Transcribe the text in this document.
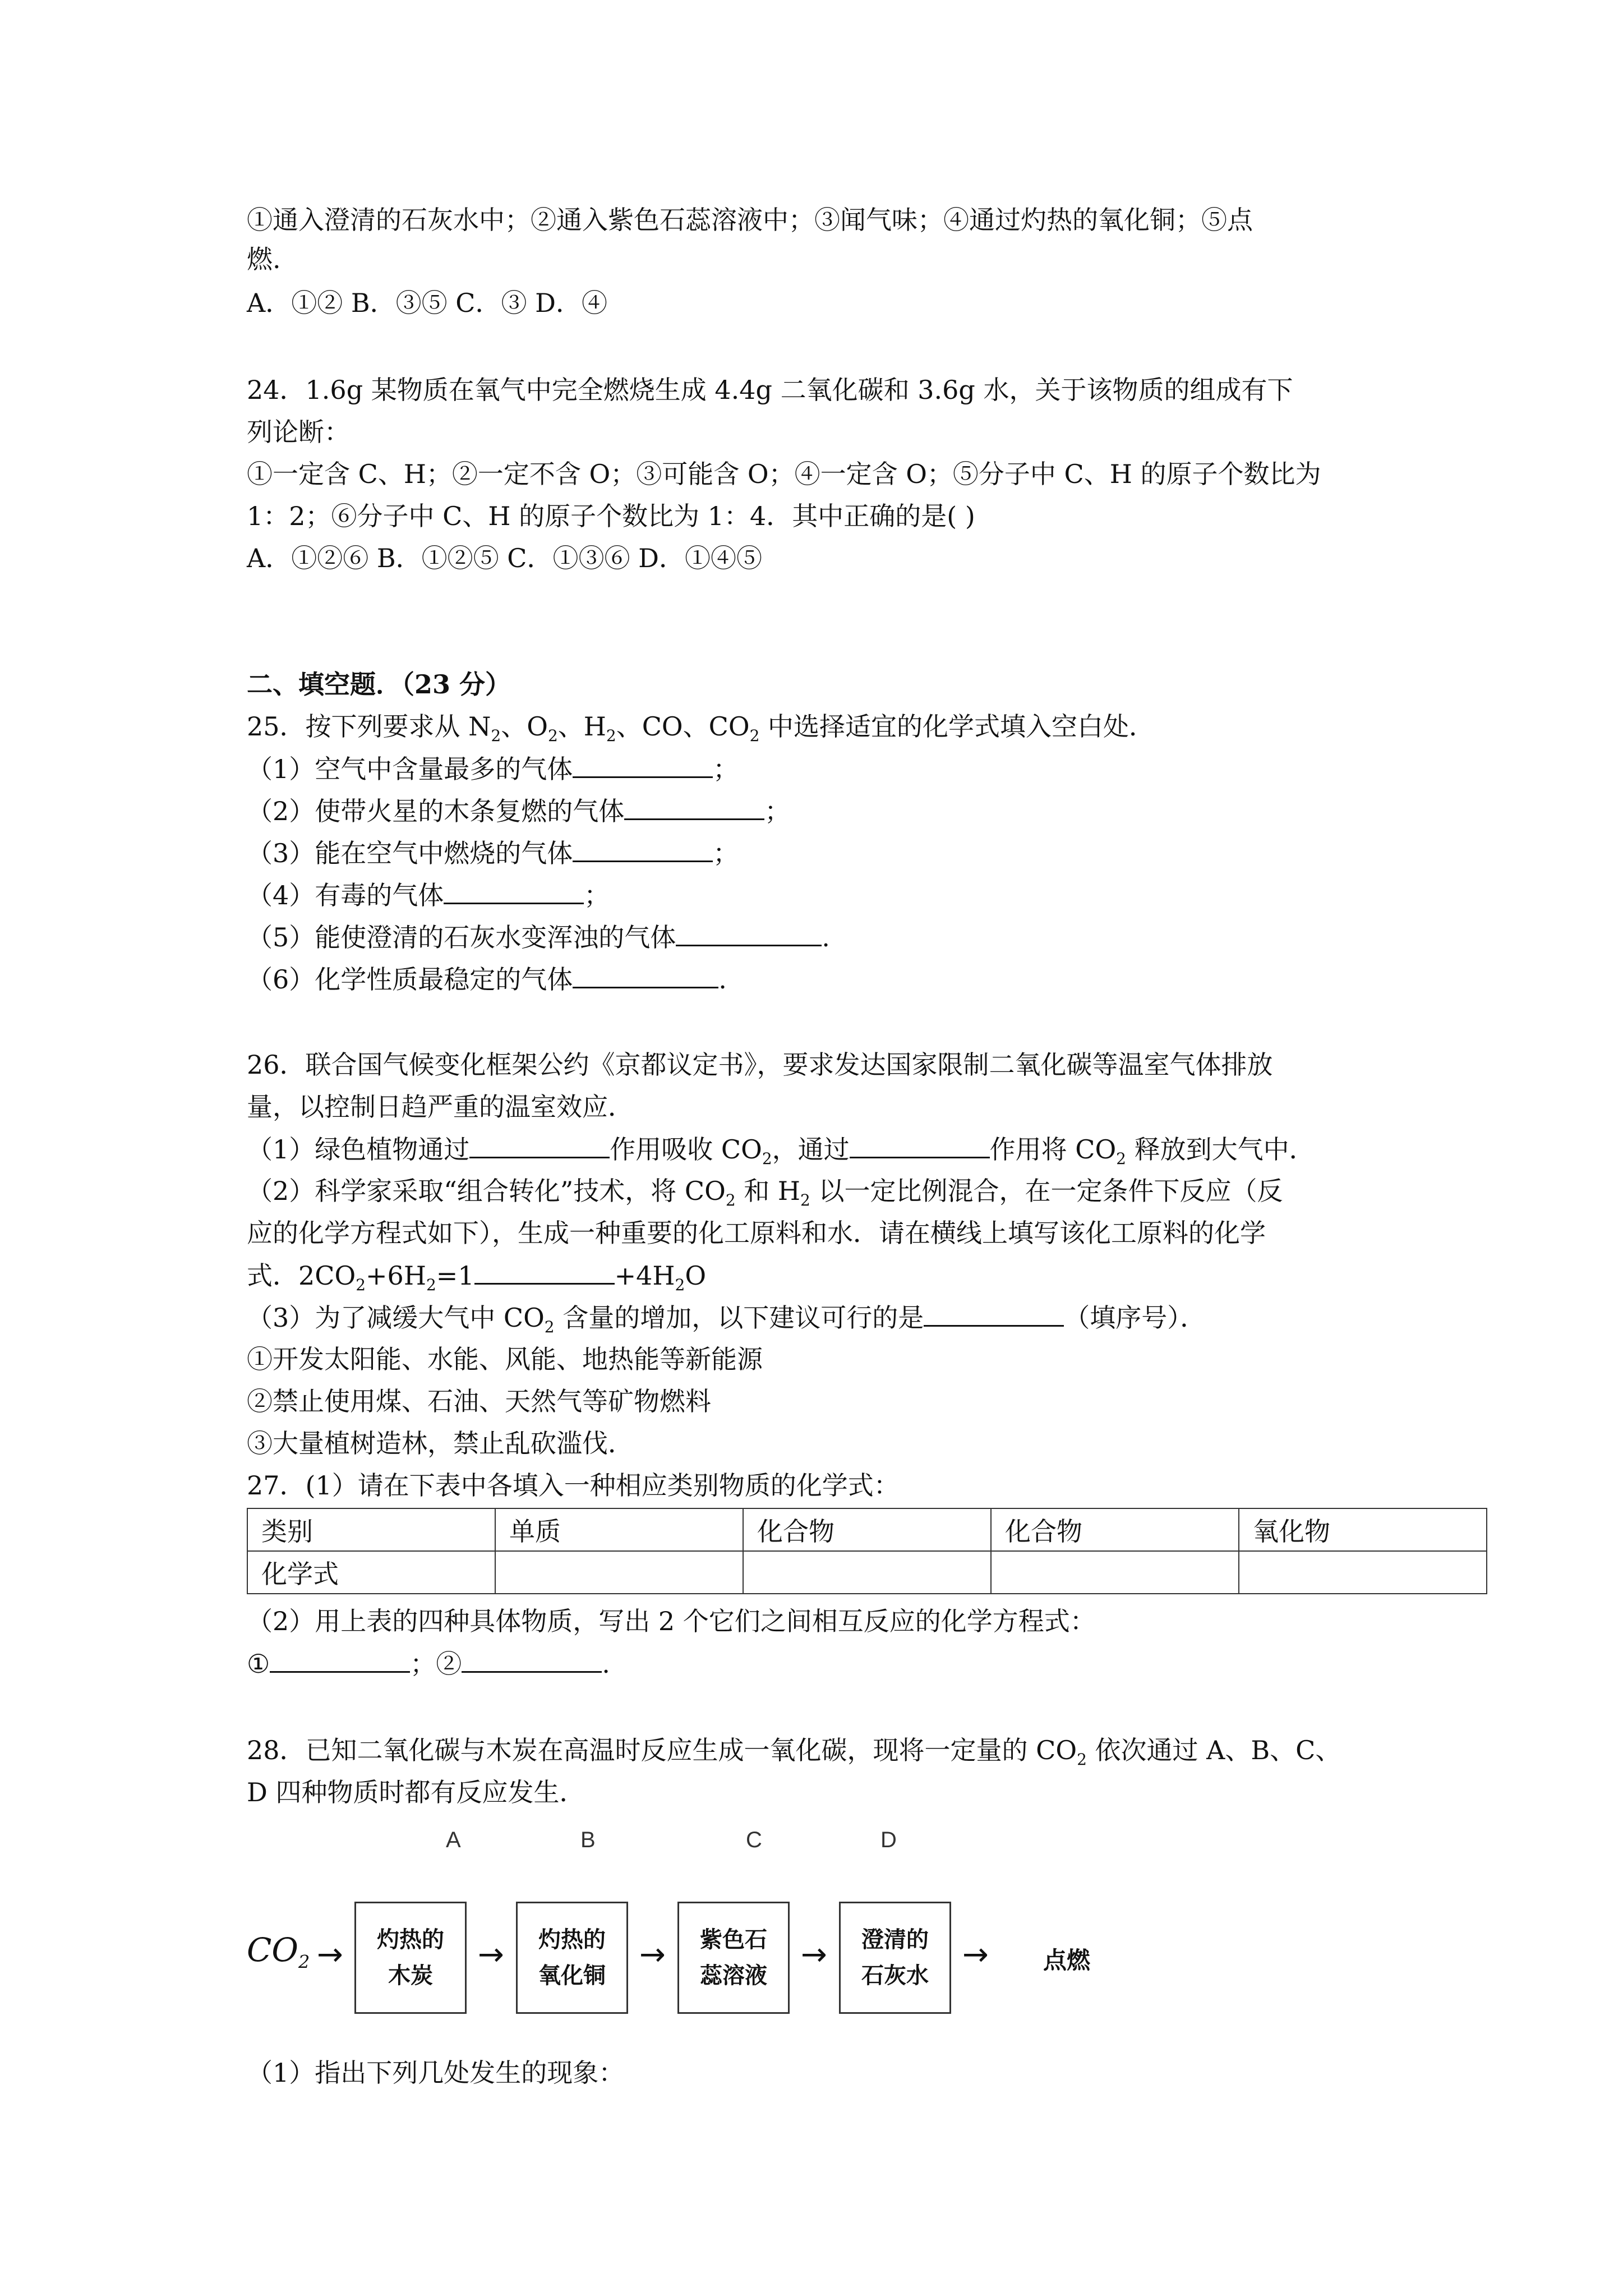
①通入澄清的石灰水中；②通入紫色石蕊溶液中；③闻气味；④通过灼热的氧化铜；⑤点
燃.
A．①② B．③⑤ C．③ D．④
24．1.6g 某物质在氧气中完全燃烧生成 4.4g 二氧化碳和 3.6g 水，关于该物质的组成有下
列论断：
①一定含 C、H；②一定不含 O；③可能含 O；④一定含 O；⑤分子中 C、H 的原子个数比为
1：2；⑥分子中 C、H 的原子个数比为 1：4．其中正确的是( )
A．①②⑥ B．①②⑤ C．①③⑥ D．①④⑤
二、填空题．（23 分）
25．按下列要求从 $N_2$、$O_2$、$H_2$、CO、$CO_2$ 中选择适宜的化学式填入空白处．
（1）空气中含量最多的气体	；
（2）使带火星的木条复燃的气体	；
（3）能在空气中燃烧的气体	；
（4）有毒的气体	；
（5）能使澄清的石灰水变浑浊的气体	.
（6）化学性质最稳定的气体	.
26．联合国气候变化框架公约《京都议定书》，要求发达国家限制二氧化碳等温室气体排放
量，以控制日趋严重的温室效应．
（1）绿色植物通过	作用吸收 $CO_2$，通过	作用将 $CO_2$ 释放到大气中．
（2）科学家采取“组合转化”技术，将 $CO_2$ 和 $H_2$ 以一定比例混合，在一定条件下反应（反
应的化学方程式如下），生成一种重要的化工原料和水．请在横线上填写该化工原料的化学
式．$2CO_2+6H_2=1$	$+4H_2O$
（3）为了减缓大气中 $CO_2$ 含量的增加，以下建议可行的是	（填序号）．
①开发太阳能、水能、风能、地热能等新能源
②禁止使用煤、石油、天然气等矿物燃料
③大量植树造林，禁止乱砍滥伐．
27．(1）请在下表中各填入一种相应类别物质的化学式：
类别	单质	化合物	化合物	氧化物
化学式				
（2）用上表的四种具体物质，写出 2 个它们之间相互反应的化学方程式：
①	；②	.
28．已知二氧化碳与木炭在高温时反应生成一氧化碳，现将一定量的 $CO_2$ 依次通过 A、B、C、
D 四种物质时都有反应发生．
A	B	C	D
$CO_2$ → 灼热的
木炭
→ 灼热的
氧化铜
→ 紫色石
蕊溶液
→ 澄清的
石灰水
→ 点燃
（1）指出下列几处发生的现象：
